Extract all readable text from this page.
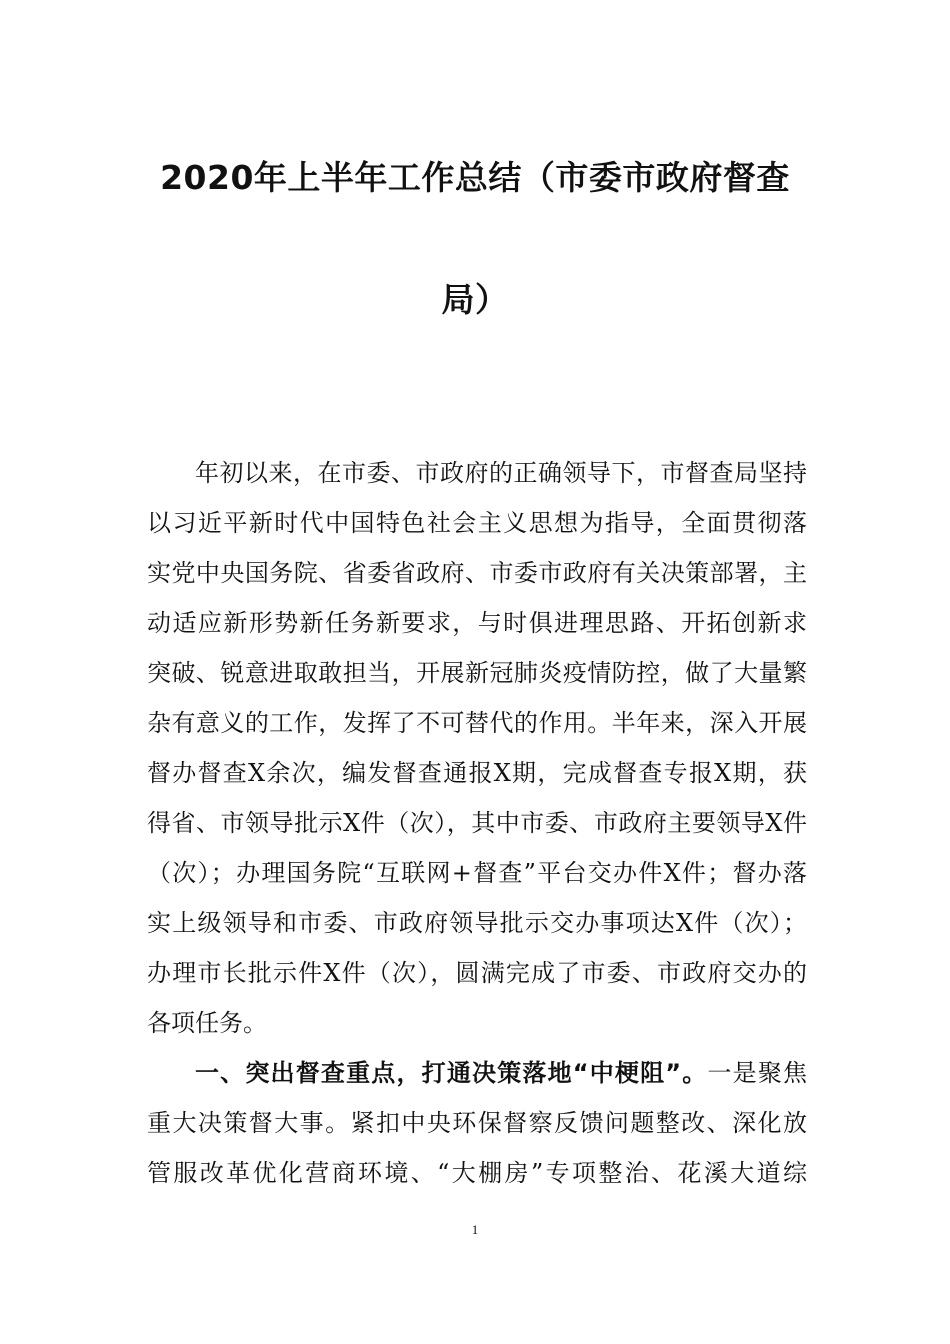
2020年上半年工作总结（市委市政府督查
局）
年初以来，在市委、市政府的正确领导下，市督查局坚持
以习近平新时代中国特色社会主义思想为指导，全面贯彻落
实党中央国务院、省委省政府、市委市政府有关决策部署，主
动适应新形势新任务新要求，与时俱进理思路、开拓创新求
突破、锐意进取敢担当，开展新冠肺炎疫情防控，做了大量繁
杂有意义的工作，发挥了不可替代的作用。半年来，深入开展
督办督查X余次，编发督查通报X期，完成督查专报X期，获
得省、市领导批示X件（次），其中市委、市政府主要领导X件
（次）；办理国务院“互联网+督查”平台交办件X件；督办落
实上级领导和市委、市政府领导批示交办事项达X件（次）；
办理市长批示件X件（次），圆满完成了市委、市政府交办的
各项任务。
一、突出督查重点，打通决策落地“中梗阻”。一是聚焦
重大决策督大事。紧扣中央环保督察反馈问题整改、深化放
管服改革优化营商环境、“大棚房”专项整治、花溪大道综
1
